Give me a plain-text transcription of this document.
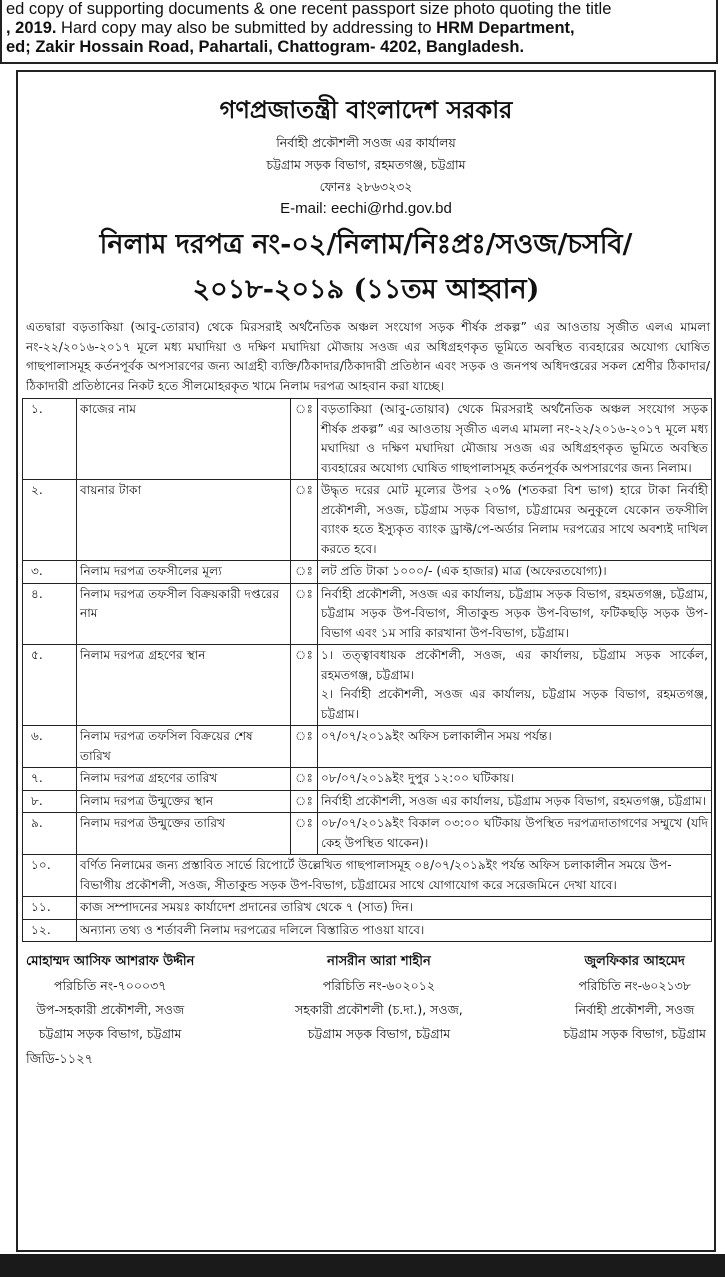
ed copy of supporting documents & one recent passport size photo quoting the title
, 2019. Hard copy may also be submitted by addressing to HRM Department,
ed; Zakir Hossain Road, Pahartali, Chattogram- 4202, Bangladesh.
গণপ্রজাতন্ত্রী বাংলাদেশ সরকার
নির্বাহী প্রকৌশলী সওজ এর কার্যালয়
চট্টগ্রাম সড়ক বিভাগ, রহমতগঞ্জ, চট্টগ্রাম
ফোনঃ ২৮৬৩২৩২
E-mail: eechi@rhd.gov.bd
নিলাম দরপত্র নং-০২/নিলাম/নিঃপ্রঃ/সওজ/চসবি/
২০১৮-২০১৯ (১১তম আহ্বান)

এতদ্বারা বড়তাকিয়া (আবু-তোরাব) থেকে মিরসরাই অর্থনৈতিক অঞ্চল সংযোগ সড়ক শীর্ষক প্রকল্প” এর আওতায় সৃজীত এলএ মামলা নং-২২/২০১৬-২০১৭ মূলে মধ্য মঘাদিয়া ও দক্ষিণ মঘাদিয়া মৌজায় সওজ এর অধিগ্রহণকৃত ভূমিতে অবস্থিত ব্যবহারের অযোগ্য ঘোষিত গাছপালাসমূহ কর্তনপূর্বক অপসারণের জন্য আগ্রহী ব্যক্তি/ঠিকাদার/ঠিকাদারী প্রতিষ্ঠান এবং সড়ক ও জনপথ অধিদপ্তরের সকল শ্রেণীর ঠিকাদার/ঠিকাদারী প্রতিষ্ঠানের নিকট হতে সীলমোহরকৃত খামে নিলাম দরপত্র আহবান করা যাচ্ছে।

১.	কাজের নাম	ঃ	বড়তাকিয়া (আবু-তোয়াব) থেকে মিরসরাই অর্থনৈতিক অঞ্চল সংযোগ সড়ক শীর্ষক প্রকল্প” এর আওতায় সৃজীত এলএ মামলা নং-২২/২০১৬-২০১৭ মূলে মধ্য মঘাদিয়া ও দক্ষিণ মঘাদিয়া মৌজায় সওজ এর অধিগ্রহণকৃত ভূমিতে অবস্থিত ব্যবহারের অযোগ্য ঘোষিত গাছপালাসমূহ কর্তনপূর্বক অপসারণের জন্য নিলাম।

২.	বায়নার টাকা	ঃ	উদ্ধৃত দরের মোট মূল্যের উপর ২০% (শতকরা বিশ ভাগ) হারে টাকা নির্বাহী প্রকৌশলী, সওজ, চট্টগ্রাম সড়ক বিভাগ, চট্টগ্রামের অনুকূলে যেকোন তফসীলি ব্যাংক হতে ইস্যুকৃত ব্যাংক ড্রাফ্ট/পে-অর্ডার নিলাম দরপত্রের সাথে অবশ্যই দাখিল করতে হবে।

৩.	নিলাম দরপত্র তফসীলের মূল্য	ঃ	লট প্রতি টাকা ১০০০/- (এক হাজার) মাত্র (অফেরতযোগ্য)।

৪.	নিলাম দরপত্র তফসীল বিক্রয়কারী দপ্তরের নাম	ঃ	নির্বাহী প্রকৌশলী, সওজ এর কার্যালয়, চট্টগ্রাম সড়ক বিভাগ, রহমতগঞ্জ, চট্টগ্রাম, চট্টগ্রাম সড়ক উপ-বিভাগ, সীতাকুন্ড সড়ক উপ-বিভাগ, ফটিকছড়ি সড়ক উপ-বিভাগ এবং ১ম সারি কারখানা উপ-বিভাগ, চট্টগ্রাম।

৫.	নিলাম দরপত্র গ্রহণের স্থান	ঃ	১। তত্ত্বাবধায়ক প্রকৌশলী, সওজ, এর কার্যালয়, চট্টগ্রাম সড়ক সার্কেল, রহমতগঞ্জ, চট্টগ্রাম।
২। নির্বাহী প্রকৌশলী, সওজ এর কার্যালয়, চট্টগ্রাম সড়ক বিভাগ, রহমতগঞ্জ, চট্টগ্রাম।

৬.	নিলাম দরপত্র তফসিল বিক্রয়ের শেষ তারিখ	ঃ	০৭/০৭/২০১৯ইং অফিস চলাকালীন সময় পর্যন্ত।

৭.	নিলাম দরপত্র গ্রহণের তারিখ	ঃ	০৮/০৭/২০১৯ইং দুপুর ১২:০০ ঘটিকায়।

৮.	নিলাম দরপত্র উন্মুক্তের স্থান	ঃ	নির্বাহী প্রকৌশলী, সওজ এর কার্যালয়, চট্টগ্রাম সড়ক বিভাগ, রহমতগঞ্জ, চট্টগ্রাম।

৯.	নিলাম দরপত্র উন্মুক্তের তারিখ	ঃ	০৮/০৭/২০১৯ইং বিকাল ০৩:০০ ঘটিকায় উপস্থিত দরপত্রদাতাগণের সম্মুখে (যদি কেহ উপস্থিত থাকেন)।

১০.	বর্ণিত নিলামের জন্য প্রস্তাবিত সার্ভে রিপোর্টে উল্লেখিত গাছপালাসমূহ ০৪/০৭/২০১৯ইং পর্যন্ত অফিস চলাকালীন সময়ে উপ-বিভাগীয় প্রকৌশলী, সওজ, সীতাকুন্ড সড়ক উপ-বিভাগ, চট্টগ্রামের সাথে যোগাযোগ করে সরেজমিনে দেখা যাবে।		
১১.	কাজ সম্পাদনের সময়ঃ কার্যাদেশ প্রদানের তারিখ থেকে ৭ (সাত) দিন।		
১২.	অন্যান্য তথ্য ও শর্তাবলী নিলাম দরপত্রের দলিলে বিস্তারিত পাওয়া যাবে।		
মোহাম্মদ আসিফ আশরাফ উদ্দীন
পরিচিতি নং-৭০০০৩৭
উপ-সহকারী প্রকৌশলী, সওজ
চট্টগ্রাম সড়ক বিভাগ, চট্টগ্রাম
নাসরীন আরা শাহীন
পরিচিতি নং-৬০২০১২
সহকারী প্রকৌশলী (চ.দা.), সওজ,
চট্টগ্রাম সড়ক বিভাগ, চট্টগ্রাম
জুলফিকার আহমেদ
পরিচিতি নং-৬০২১৩৮
নির্বাহী প্রকৌশলী, সওজ
চট্টগ্রাম সড়ক বিভাগ, চট্টগ্রাম
জিডি-১১২৭
